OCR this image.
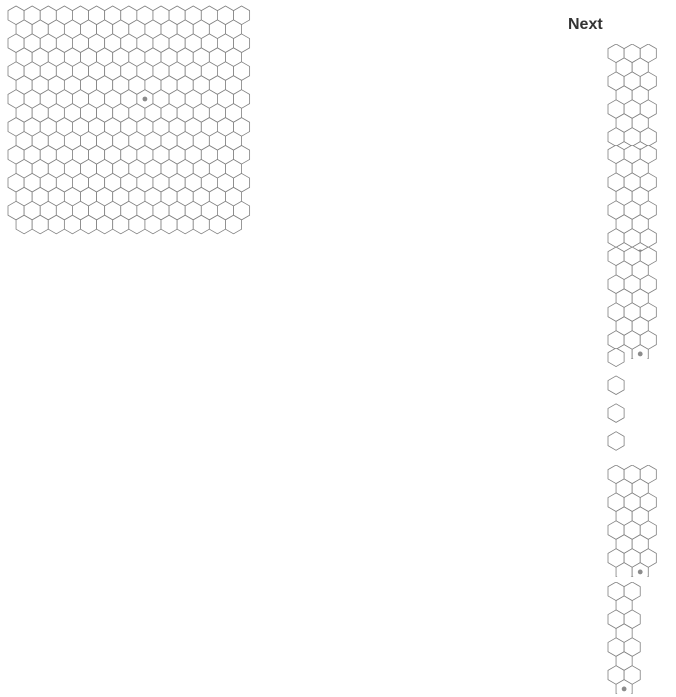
Next
